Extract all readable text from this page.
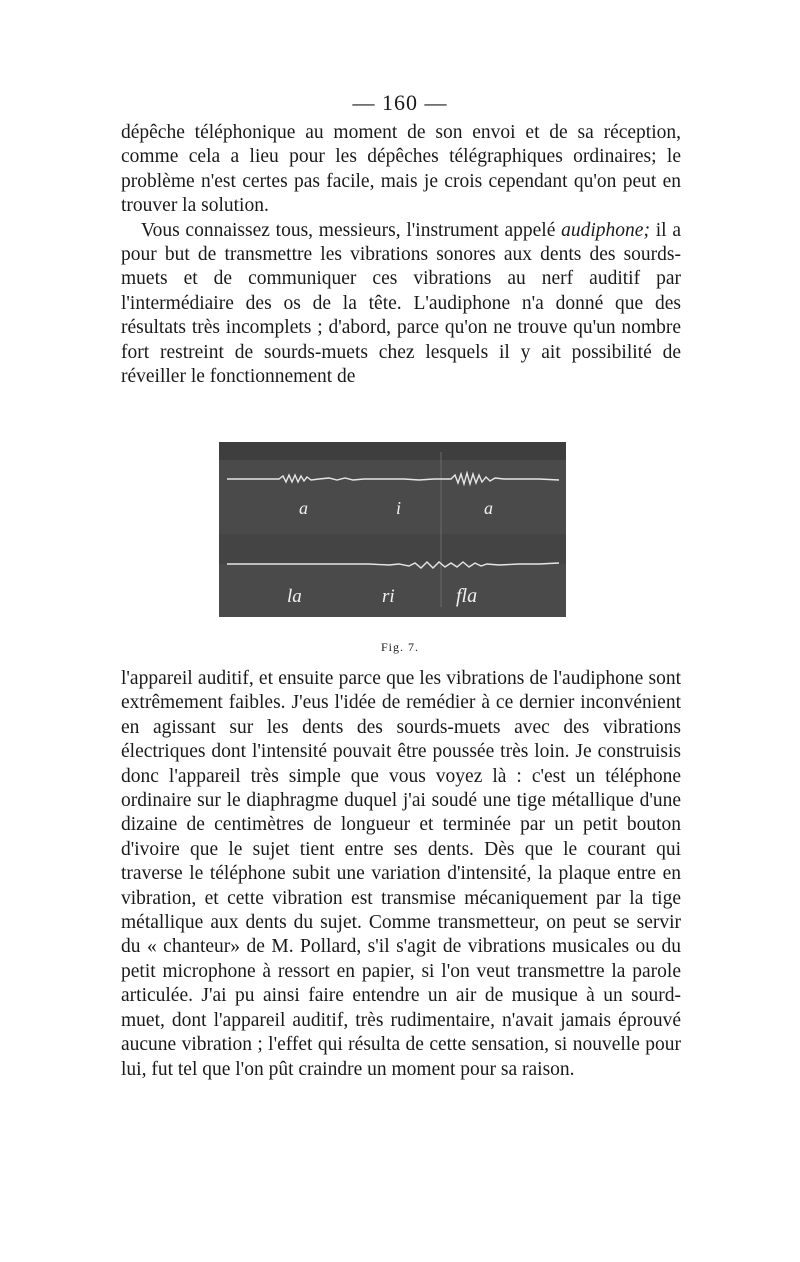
— 160 —

dépêche téléphonique au moment de son envoi et de sa réception, comme cela a lieu pour les dépêches télégraphiques ordinaires; le problème n'est certes pas facile, mais je crois cependant qu'on peut en trouver la solution.

Vous connaissez tous, messieurs, l'instrument appelé audiphone; il a pour but de transmettre les vibrations sonores aux dents des sourds-muets et de communiquer ces vibrations au nerf auditif par l'intermédiaire des os de la tête. L'audiphone n'a donné que des résultats très incomplets ; d'abord, parce qu'on ne trouve qu'un nombre fort restreint de sourds-muets chez lesquels il y ait possibilité de réveiller le fonctionnement de

a	i	a
la	ri	fla
Fig. 7.

l'appareil auditif, et ensuite parce que les vibrations de l'audiphone sont extrêmement faibles. J'eus l'idée de remédier à ce dernier inconvénient en agissant sur les dents des sourds-muets avec des vibrations électriques dont l'intensité pouvait être poussée très loin. Je construisis donc l'appareil très simple que vous voyez là : c'est un téléphone ordinaire sur le diaphragme duquel j'ai soudé une tige métallique d'une dizaine de centimètres de longueur et terminée par un petit bouton d'ivoire que le sujet tient entre ses dents. Dès que le courant qui traverse le téléphone subit une variation d'intensité, la plaque entre en vibration, et cette vibration est transmise mécaniquement par la tige métallique aux dents du sujet. Comme transmetteur, on peut se servir du « chanteur» de M. Pollard, s'il s'agit de vibrations musicales ou du petit microphone à ressort en papier, si l'on veut transmettre la parole articulée. J'ai pu ainsi faire entendre un air de musique à un sourd-muet, dont l'appareil auditif, très rudimentaire, n'avait jamais éprouvé aucune vibration ; l'effet qui résulta de cette sensation, si nouvelle pour lui, fut tel que l'on pût craindre un moment pour sa raison.
